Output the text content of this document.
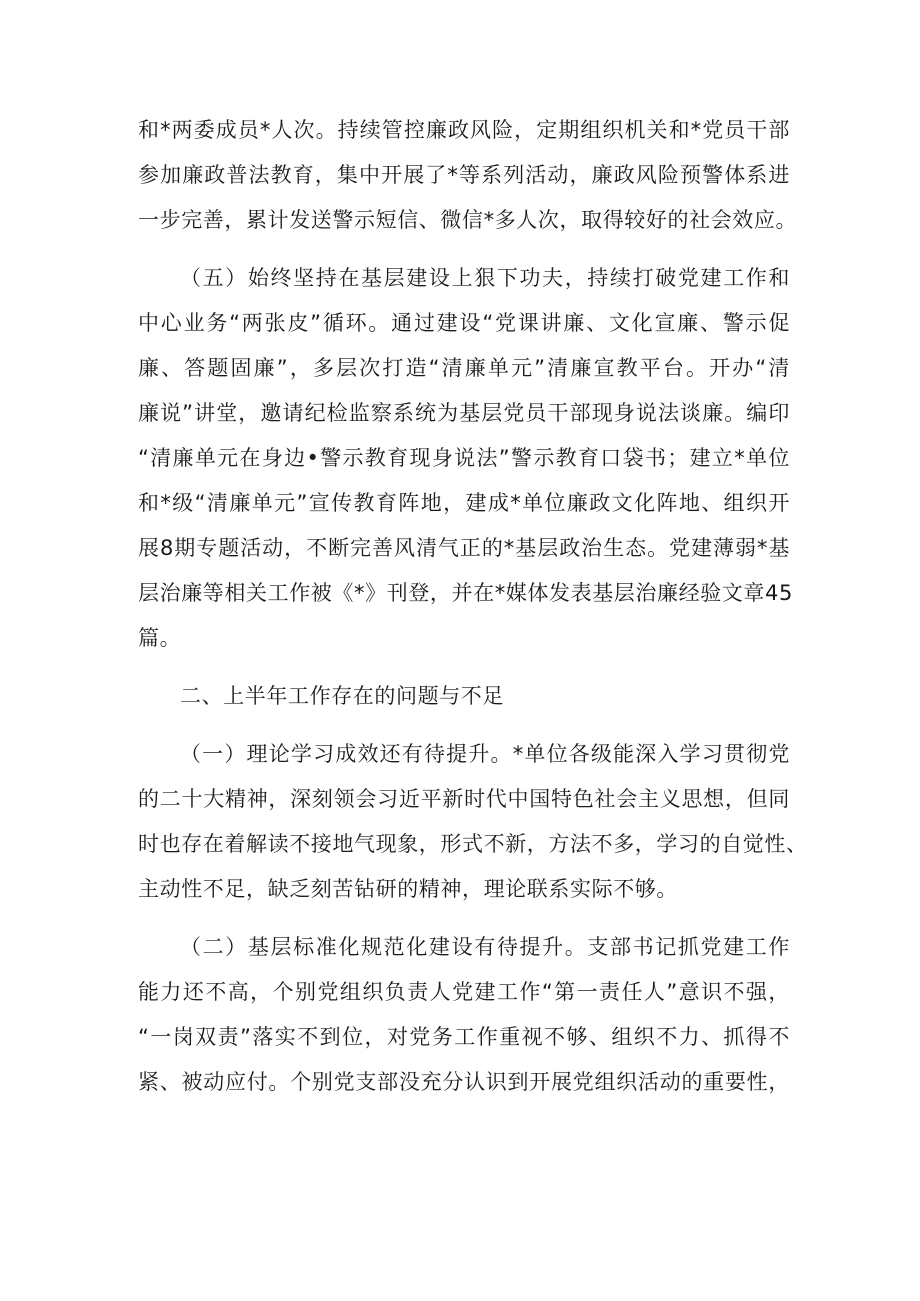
和*两委成员*人次。持续管控廉政风险，定期组织机关和*党员干部
参加廉政普法教育，集中开展了*等系列活动，廉政风险预警体系进
一步完善，累计发送警示短信、微信*多人次，取得较好的社会效应。
（五）始终坚持在基层建设上狠下功夫，持续打破党建工作和
中心业务“两张皮”循环。通过建设“党课讲廉、文化宣廉、警示促
廉、答题固廉”，多层次打造“清廉单元”清廉宣教平台。开办“清
廉说”讲堂，邀请纪检监察系统为基层党员干部现身说法谈廉。编印
“清廉单元在身边•警示教育现身说法”警示教育口袋书；建立*单位
和*级“清廉单元”宣传教育阵地，建成*单位廉政文化阵地、组织开
展8期专题活动，不断完善风清气正的*基层政治生态。党建薄弱*基
层治廉等相关工作被《*》刊登，并在*媒体发表基层治廉经验文章45
篇。
二、上半年工作存在的问题与不足
（一）理论学习成效还有待提升。*单位各级能深入学习贯彻党
的二十大精神，深刻领会习近平新时代中国特色社会主义思想，但同
时也存在着解读不接地气现象，形式不新，方法不多，学习的自觉性、
主动性不足，缺乏刻苦钻研的精神，理论联系实际不够。
（二）基层标准化规范化建设有待提升。支部书记抓党建工作
能力还不高，个别党组织负责人党建工作“第一责任人”意识不强，
“一岗双责”落实不到位，对党务工作重视不够、组织不力、抓得不
紧、被动应付。个别党支部没充分认识到开展党组织活动的重要性，
